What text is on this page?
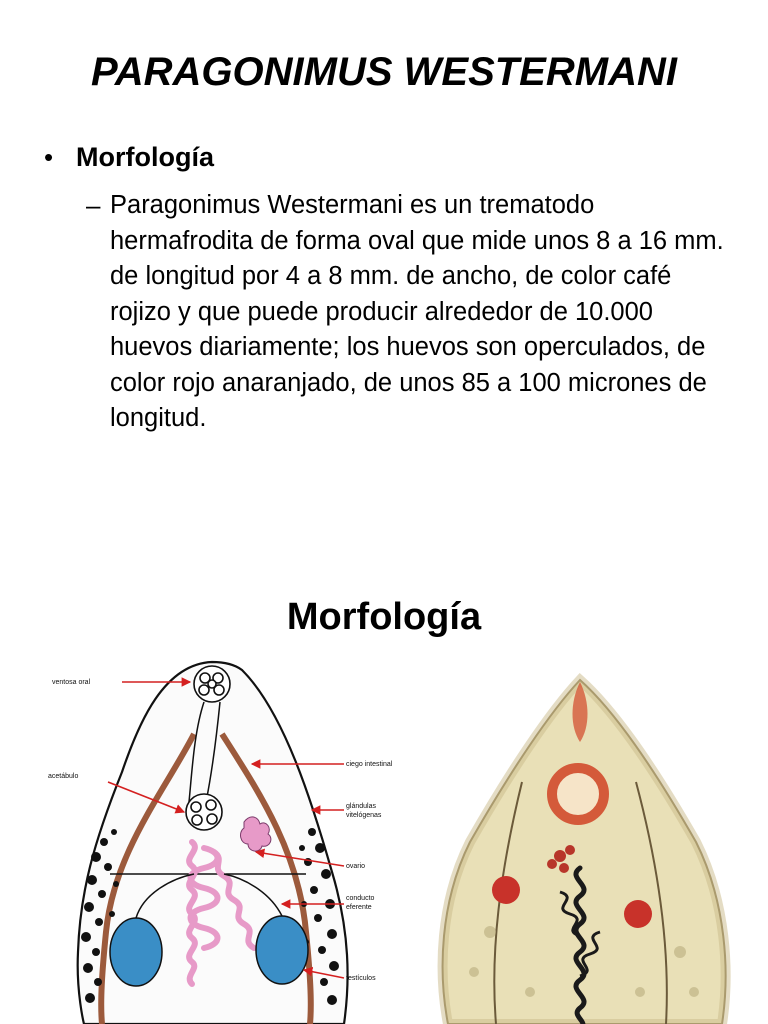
PARAGONIMUS WESTERMANI
• Morfología
– Paragonimus Westermani es un trematodo hermafrodita de forma oval que mide unos 8 a 16 mm. de longitud por 4 a 8 mm. de ancho, de color café rojizo y que puede producir alrededor de 10.000 huevos diariamente; los huevos son operculados, de color rojo anaranjado, de unos 85 a 100 micrones de longitud.

Morfología
ventosa oral
ciego intestinal
acetábulo
glándulas
vitelógenas
ovario
conducto
eferente
testículos
